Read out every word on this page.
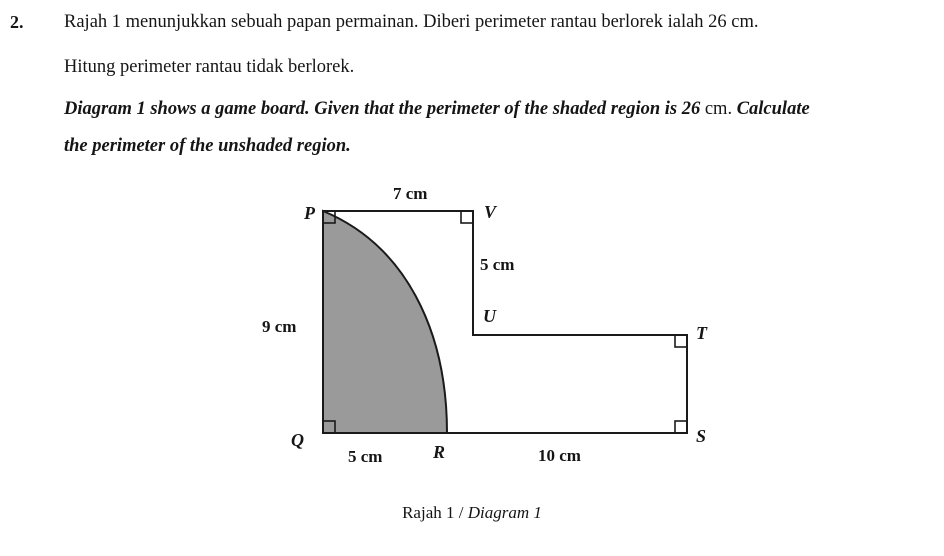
2. Rajah 1 menunjukkan sebuah papan permainan. Diberi perimeter rantau berlorek ialah 26 cm.
Hitung perimeter rantau tidak berlorek.
Diagram 1 shows a game board. Given that the perimeter of the shaded region is 26 cm. Calculate
the perimeter of the unshaded region.
P	V
U
T
S
Q
R
7 cm
5 cm
9 cm
5 cm	10 cm
Rajah 1 / Diagram 1
